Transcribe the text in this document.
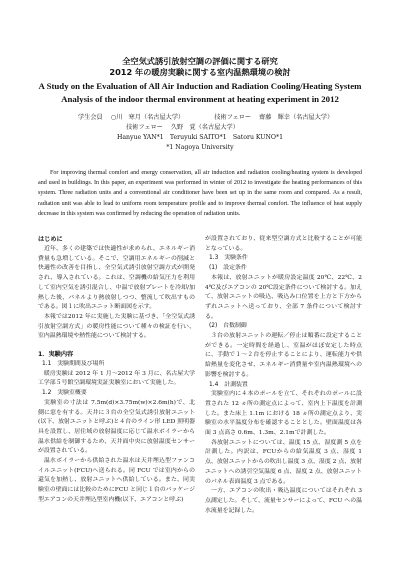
全空気式誘引放射空調の評価に関する研究
2012 年の暖房実験に関する室内温熱環境の検討
A Study on the Evaluation of All Air Induction and Radiation Cooling/Heating System
Analysis of the indoor thermal environment at heating experiment in 2012
学生会員 ○川　寒月（名古屋大学）	技術フェロー 齋藤　輝幸（名古屋大学）
技術フェロー 久野　覚（名古屋大学）
Hanyue YAN*1　Teruyuki SAITO*1　Satoru KUNO*1
*1 Nagoya University

For improving thermal comfort and energy conservation, all air induction and radiation cooling/heating system is developed and used in buildings. In this paper, an experiment was performed in winter of 2012 to investigate the heating performances of this system. Three radiation units and a conventional air conditioner have been set up in the same room and compared. As a result, radiation unit was able to lead to uniform room temperature profile and to improve thermal comfort. The influence of heat supply decrease in this system was confirmed by reducing the operation of radiation units.

はじめに

近年、多くの建築では快適性が求められ、エネルギー消費量も急増している。そこで、空調用エネルギーの削減と快適性の改善を目指し、全空気式誘引放射空調方式が開発され、導入されている。これは、空調機の給気圧力を利用して室内空気を誘引混合し、中温で放射プレートを冷却/加熱した後、パネルより熱放射しつつ、整流して吹出すものである。図１に吹出ユニット断面図を示す。

本報では2012 年に実施した実験に基づき、「全空気式誘引放射空調方式」の暖房性能について種々の検証を行い、室内温熱環境や熱性能について検討する。

1．実験内容
1.1　実験期間及び場所

暖房実験は 2012 年 1 月〜2012 年 3 月に、名古屋大学工学部５号館空調環境実証実験室において実施した。

1.2　実験室概要

実験室の寸法は 7.5m(d)×3.75m(w)×2.6m(h)で、北側に窓を有する。天井に３台の全空気式誘引放射ユニット(以下、放射ユニットと呼ぶ)と４台のライン形 LED 照明器具を設置し、居住域の放射温度に応じて温水ボイラーから温水供給を制御するため、天井面中央に放射温度センサーが設置されている。

温水ボイラーから供給された温水は天井埋込型ファンコイルユニット(FCU)へ送られる。同 FCU では室内からの還気を加熱し、放射ユニットへ供給している。また、同実験室の壁面には比較のためにFCU と同じ１台のパッケージ型エアコンの天井埋込型室内機(以下、エアコンと呼ぶ)

が設置されており、従来型空調方式と比較することが可能となっている。

1.3　実験条件
(1)　設定条件

本報は、放射ユニットが暖房設定温度 20℃、22℃、24℃及びエアコンの 20℃設定条件について検討する。加えて、放射ユニットの吸込、吸込み口位置を上方と下方からずれユニットへ送っており、全部 7 条件について検討する。

(2)　台数制御

３台の放射ユニットの運転／停止は順番に設定することができる。一定時間を経過し、室温がほぼ安定した時点に、手動で１〜２台を停止することにより、運転能力や供給熱量を変化させ、エネルギー消費量や室内温熱環境への影響を検討する。

1.4　計測装置

実験室内に４本のポールを立て、それぞれのポールに設置された 12 ヵ所の測定点によって、室内上下温度を計測した。また床上 1.1m における 18 ヵ所の測定点より、実験室の水平温度分布を確認することとした。壁面温度は各面 3 点高さ 0.6m、1.3m、2.1mで計測した。

各放射ユニットについては、温度 15 点、湿度測 5 点を計測した。内訳は、FCUからの給気温度 3 点、湿度 1 点、放射ユニットからの吹出し温度 3 点、湿度 2 点、放射ユニットへの誘引空気温度 6 点、湿度 2 点、放射ユニットのパネル表面温度 3 点である。

一方、エアコンの吹出・吸込温度についてはそれぞれ 3 点測定した。そして、流量センサーによって、FCU への温水流量を記録した。
